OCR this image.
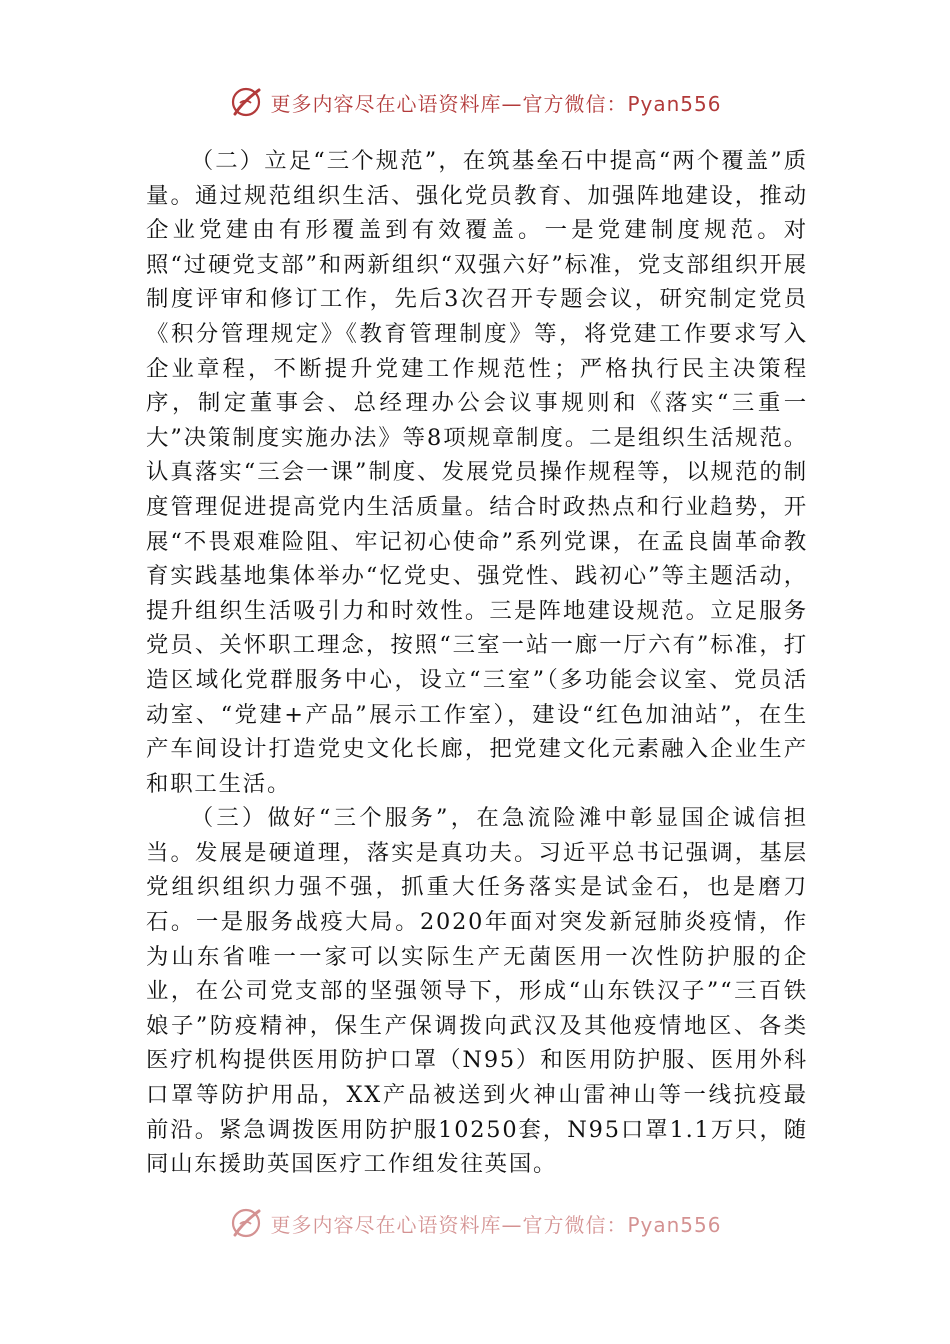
更多内容尽在心语资料库—官方微信：Pyan556

（二）立足“三个规范”，在筑基垒石中提高“两个覆盖”质量。通过规范组织生活、强化党员教育、加强阵地建设，推动企业党建由有形覆盖到有效覆盖。一是党建制度规范。对照“过硬党支部”和两新组织“双强六好”标准，党支部组织开展制度评审和修订工作，先后3次召开专题会议，研究制定党员《积分管理规定》《教育管理制度》等，将党建工作要求写入企业章程，不断提升党建工作规范性；严格执行民主决策程序，制定董事会、总经理办公会议事规则和《落实“三重一大”决策制度实施办法》等8项规章制度。二是组织生活规范。认真落实“三会一课”制度、发展党员操作规程等，以规范的制度管理促进提高党内生活质量。结合时政热点和行业趋势，开展“不畏艰难险阻、牢记初心使命”系列党课，在孟良崮革命教育实践基地集体举办“忆党史、强党性、践初心”等主题活动，提升组织生活吸引力和时效性。三是阵地建设规范。立足服务党员、关怀职工理念，按照“三室一站一廊一厅六有”标准，打造区域化党群服务中心，设立“三室”（多功能会议室、党员活动室、“党建+产品”展示工作室），建设“红色加油站”，在生产车间设计打造党史文化长廊，把党建文化元素融入企业生产和职工生活。

（三）做好“三个服务”，在急流险滩中彰显国企诚信担当。发展是硬道理，落实是真功夫。习近平总书记强调，基层党组织组织力强不强，抓重大任务落实是试金石，也是磨刀石。一是服务战疫大局。2020年面对突发新冠肺炎疫情，作为山东省唯一一家可以实际生产无菌医用一次性防护服的企业，在公司党支部的坚强领导下，形成“山东铁汉子”“三百铁娘子”防疫精神，保生产保调拨向武汉及其他疫情地区、各类医疗机构提供医用防护口罩（N95）和医用防护服、医用外科口罩等防护用品，XX产品被送到火神山雷神山等一线抗疫最前沿。紧急调拨医用防护服10250套，N95口罩1.1万只，随同山东援助英国医疗工作组发往英国。

更多内容尽在心语资料库—官方微信：Pyan556
